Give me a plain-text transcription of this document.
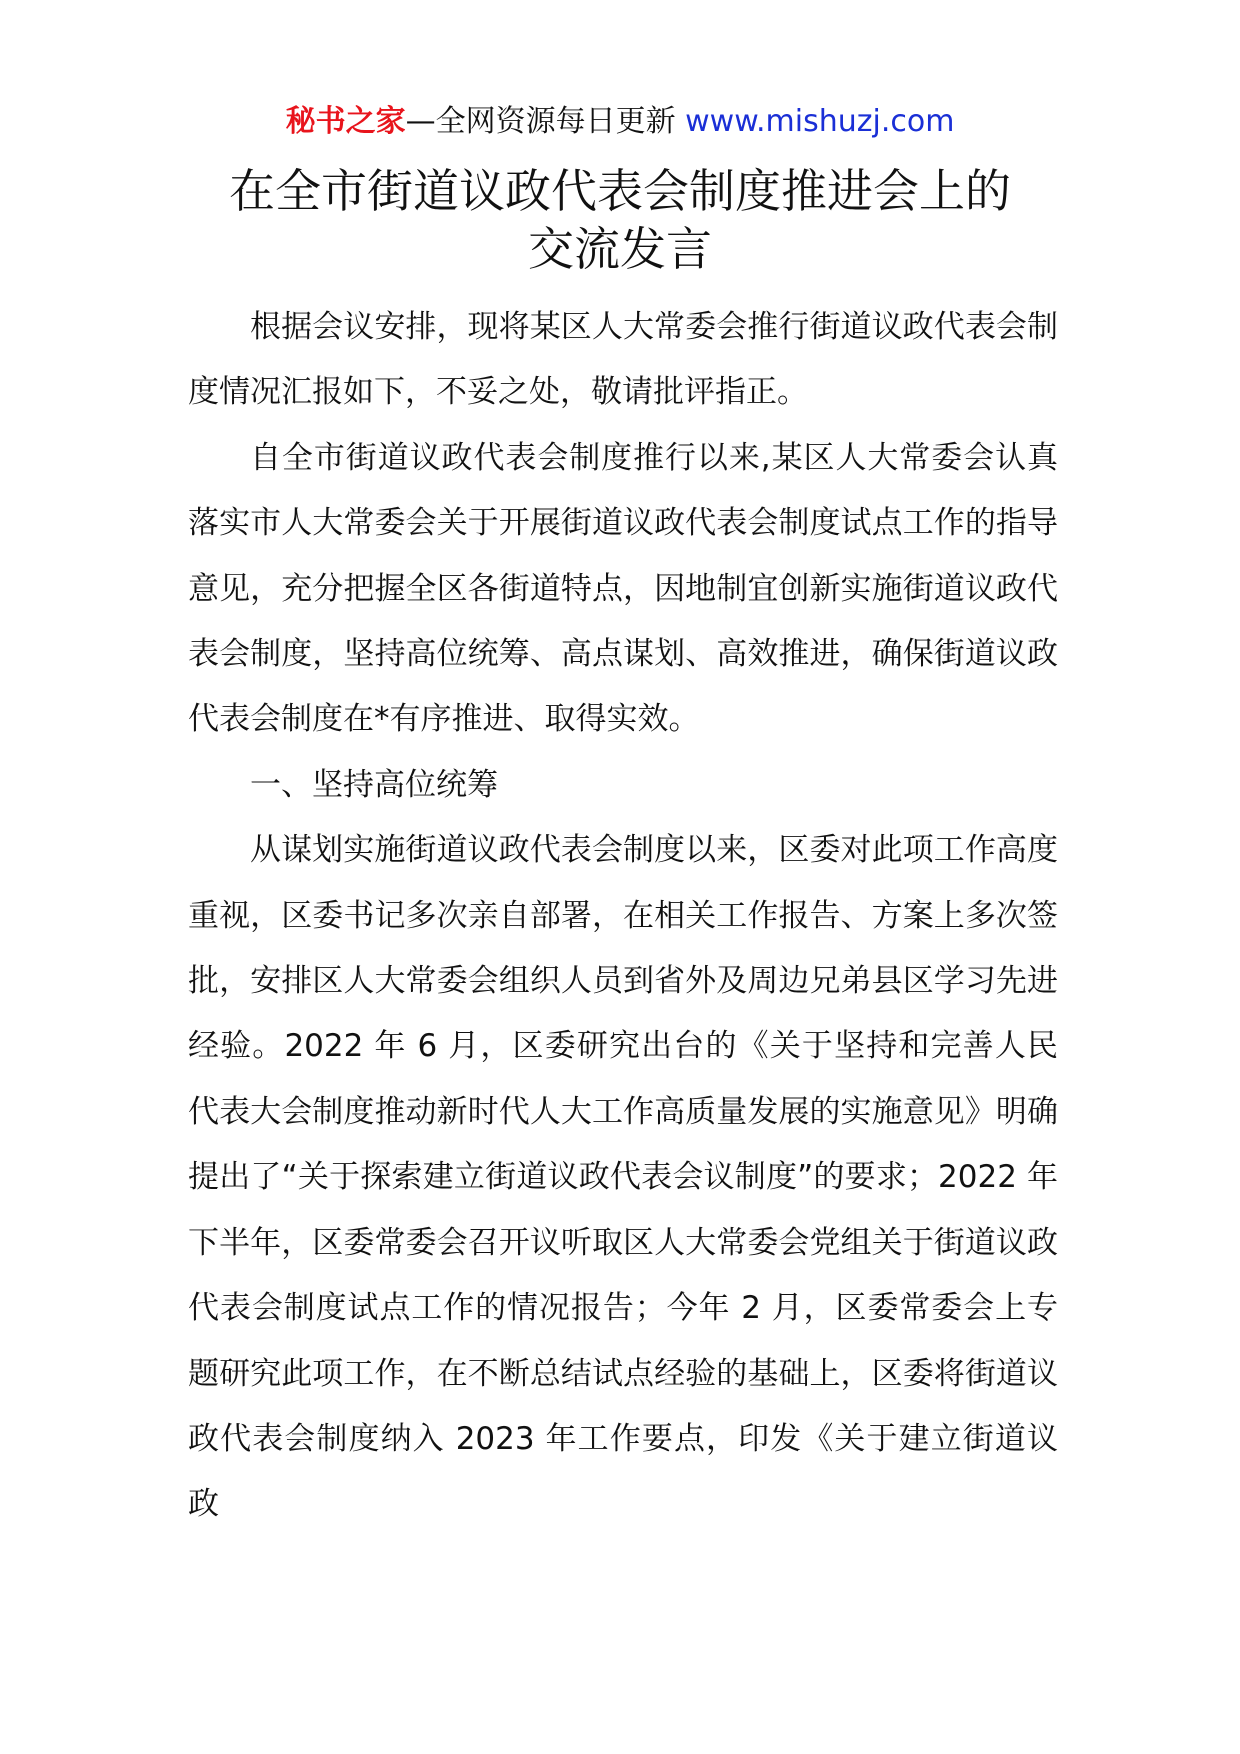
秘书之家—全网资源每日更新 www.mishuzj.com
在全市街道议政代表会制度推进会上的
交流发言

根据会议安排，现将某区人大常委会推行街道议政代表会制度情况汇报如下，不妥之处，敬请批评指正。

自全市街道议政代表会制度推行以来,某区人大常委会认真落实市人大常委会关于开展街道议政代表会制度试点工作的指导意见，充分把握全区各街道特点，因地制宜创新实施街道议政代表会制度，坚持高位统筹、高点谋划、高效推进，确保街道议政代表会制度在*有序推进、取得实效。

一、坚持高位统筹

从谋划实施街道议政代表会制度以来，区委对此项工作高度重视，区委书记多次亲自部署，在相关工作报告、方案上多次签批，安排区人大常委会组织人员到省外及周边兄弟县区学习先进经验。2022 年 6 月，区委研究出台的《关于坚持和完善人民代表大会制度推动新时代人大工作高质量发展的实施意见》明确提出了“关于探索建立街道议政代表会议制度”的要求；2022 年下半年，区委常委会召开议听取区人大常委会党组关于街道议政代表会制度试点工作的情况报告；今年 2 月，区委常委会上专题研究此项工作，在不断总结试点经验的基础上，区委将街道议政代表会制度纳入 2023 年工作要点，印发《关于建立街道议政
